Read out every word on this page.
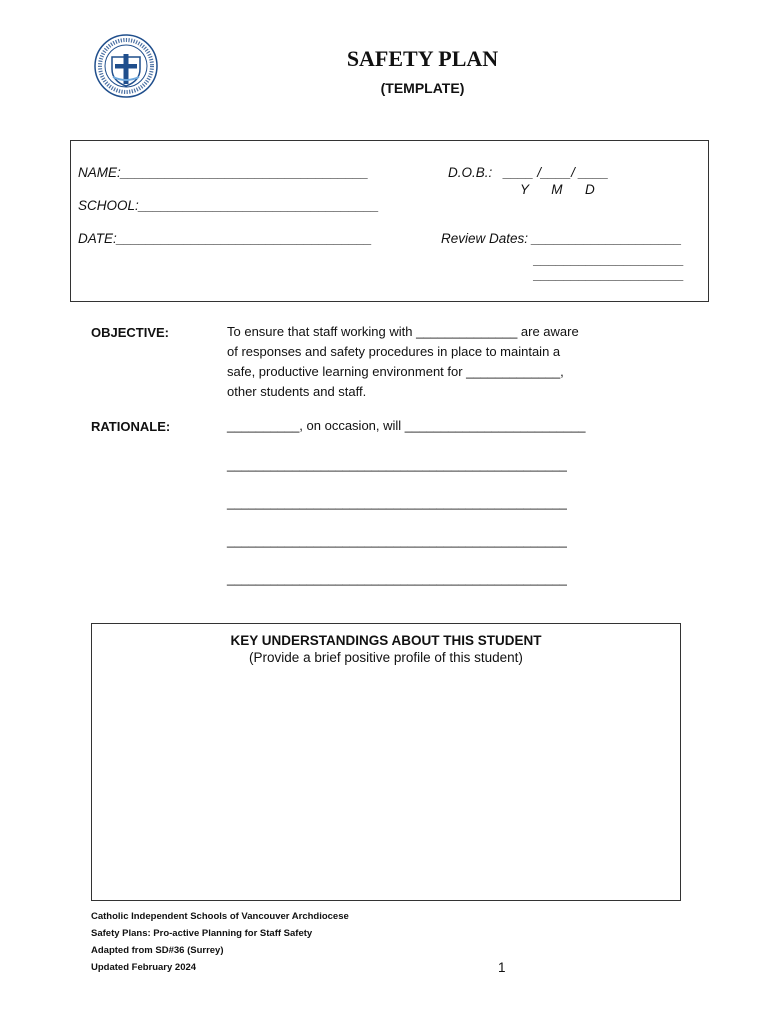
SAFETY PLAN
(TEMPLATE)
NAME:_________________________________
SCHOOL:________________________________
DATE:__________________________________
D.O.B.:   ____ /____/ ____
Y      M      D
Review Dates: ____________________
____________________
____________________
OBJECTIVE:	To ensure that staff working with ______________ are aware
of responses and safety procedures in place to maintain a
safe, productive learning environment for _____________,
other students and staff.
RATIONALE:	__________, on occasion, will _________________________
_______________________________________________
_______________________________________________
_______________________________________________
_______________________________________________
KEY UNDERSTANDINGS ABOUT THIS STUDENT
(Provide a brief positive profile of this student)
Catholic Independent Schools of Vancouver Archdiocese
Safety Plans: Pro-active Planning for Staff Safety
Adapted from SD#36 (Surrey)
Updated February 2024	1
